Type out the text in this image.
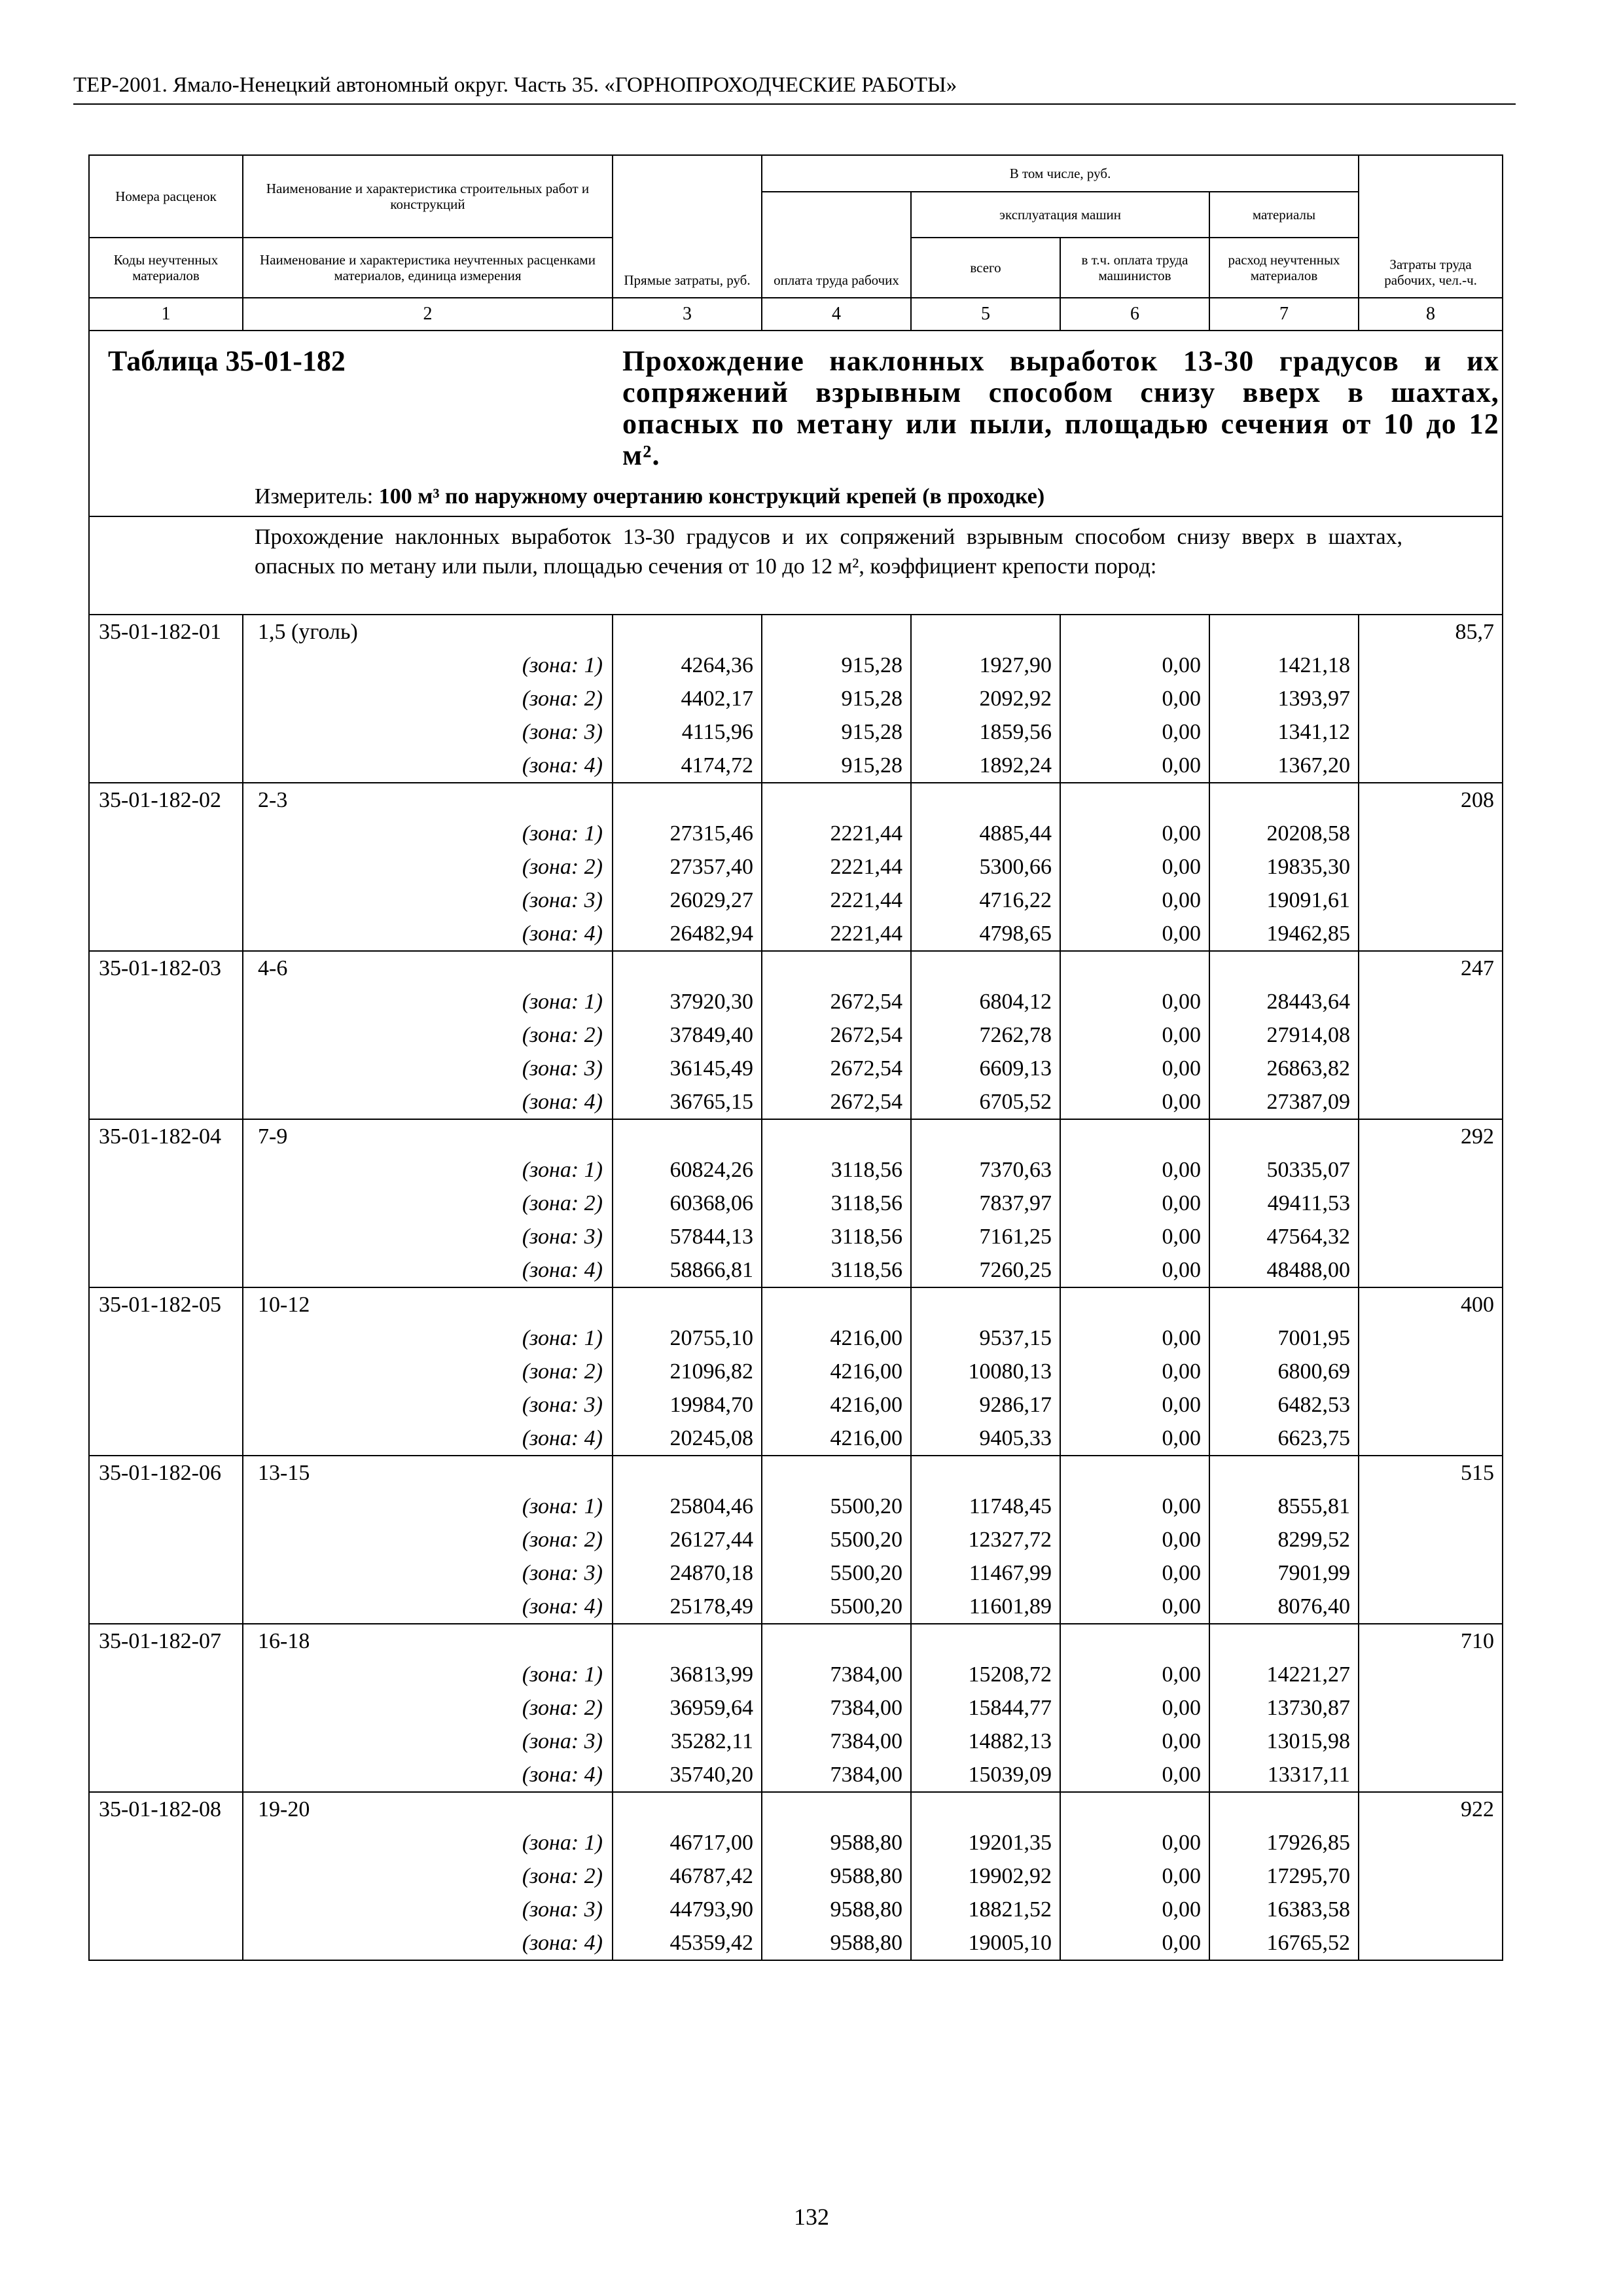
ТЕР-2001. Ямало-Ненецкий автономный округ. Часть 35. «ГОРНОПРОХОДЧЕСКИЕ РАБОТЫ»
Номера расценок	Наименование и характеристика строительных работ и конструкций		В том числе, руб.				
				эксплуатация машин		материалы	
Коды неучтенных материалов	Наименование и характеристика неучтенных расценками материалов, единица измерения	Прямые затраты, руб.	оплата труда рабочих	всего	в т.ч. оплата труда машинистов	расход неучтенных материалов	Затраты труда рабочих, чел.-ч.
1	2	3	4	5	6	7	8

Таблица 35-01-182 Прохождение наклонных выработок 13-30 градусов и их сопряжений взрывным способом снизу вверх в шахтах, опасных по метану или пыли, площадью сечения от 10 до 12 м².
Измеритель: 100 м³ по наружному очертанию конструкций крепей (в проходке)							

Прохождение наклонных выработок 13-30 градусов и их сопряжений взрывным способом снизу вверх в шахтах, опасных по метану или пыли, площадью сечения от 10 до 12 м², коэффициент крепости пород:							
35-01-182-01	1,5 (уголь)						85,7
	(зона: 1)	4264,36	915,28	1927,90	0,00	1421,18	
	(зона: 2)	4402,17	915,28	2092,92	0,00	1393,97	
	(зона: 3)	4115,96	915,28	1859,56	0,00	1341,12	
	(зона: 4)	4174,72	915,28	1892,24	0,00	1367,20	
35-01-182-02	2-3						208
	(зона: 1)	27315,46	2221,44	4885,44	0,00	20208,58	
	(зона: 2)	27357,40	2221,44	5300,66	0,00	19835,30	
	(зона: 3)	26029,27	2221,44	4716,22	0,00	19091,61	
	(зона: 4)	26482,94	2221,44	4798,65	0,00	19462,85	
35-01-182-03	4-6						247
	(зона: 1)	37920,30	2672,54	6804,12	0,00	28443,64	
	(зона: 2)	37849,40	2672,54	7262,78	0,00	27914,08	
	(зона: 3)	36145,49	2672,54	6609,13	0,00	26863,82	
	(зона: 4)	36765,15	2672,54	6705,52	0,00	27387,09	
35-01-182-04	7-9						292
	(зона: 1)	60824,26	3118,56	7370,63	0,00	50335,07	
	(зона: 2)	60368,06	3118,56	7837,97	0,00	49411,53	
	(зона: 3)	57844,13	3118,56	7161,25	0,00	47564,32	
	(зона: 4)	58866,81	3118,56	7260,25	0,00	48488,00	
35-01-182-05	10-12						400
	(зона: 1)	20755,10	4216,00	9537,15	0,00	7001,95	
	(зона: 2)	21096,82	4216,00	10080,13	0,00	6800,69	
	(зона: 3)	19984,70	4216,00	9286,17	0,00	6482,53	
	(зона: 4)	20245,08	4216,00	9405,33	0,00	6623,75	
35-01-182-06	13-15						515
	(зона: 1)	25804,46	5500,20	11748,45	0,00	8555,81	
	(зона: 2)	26127,44	5500,20	12327,72	0,00	8299,52	
	(зона: 3)	24870,18	5500,20	11467,99	0,00	7901,99	
	(зона: 4)	25178,49	5500,20	11601,89	0,00	8076,40	
35-01-182-07	16-18						710
	(зона: 1)	36813,99	7384,00	15208,72	0,00	14221,27	
	(зона: 2)	36959,64	7384,00	15844,77	0,00	13730,87	
	(зона: 3)	35282,11	7384,00	14882,13	0,00	13015,98	
	(зона: 4)	35740,20	7384,00	15039,09	0,00	13317,11	
35-01-182-08	19-20						922
	(зона: 1)	46717,00	9588,80	19201,35	0,00	17926,85	
	(зона: 2)	46787,42	9588,80	19902,92	0,00	17295,70	
	(зона: 3)	44793,90	9588,80	18821,52	0,00	16383,58	
	(зона: 4)	45359,42	9588,80	19005,10	0,00	16765,52	
132
